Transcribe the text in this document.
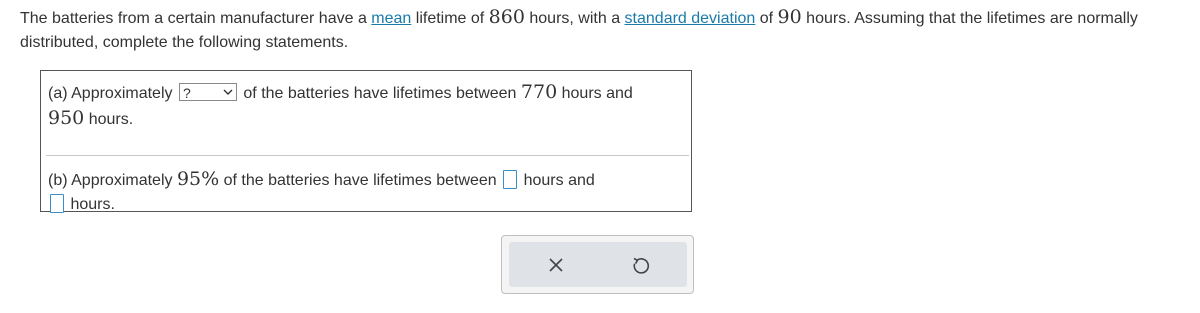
The batteries from a certain manufacturer have a mean lifetime of 860 hours, with a standard deviation of 90 hours. Assuming that the lifetimes are normally distributed, complete the following statements.
(a) Approximately ?	of the batteries have lifetimes between 770 hours and
950 hours.
(b) Approximately 95% of the batteries have lifetimes between hours and
hours.
